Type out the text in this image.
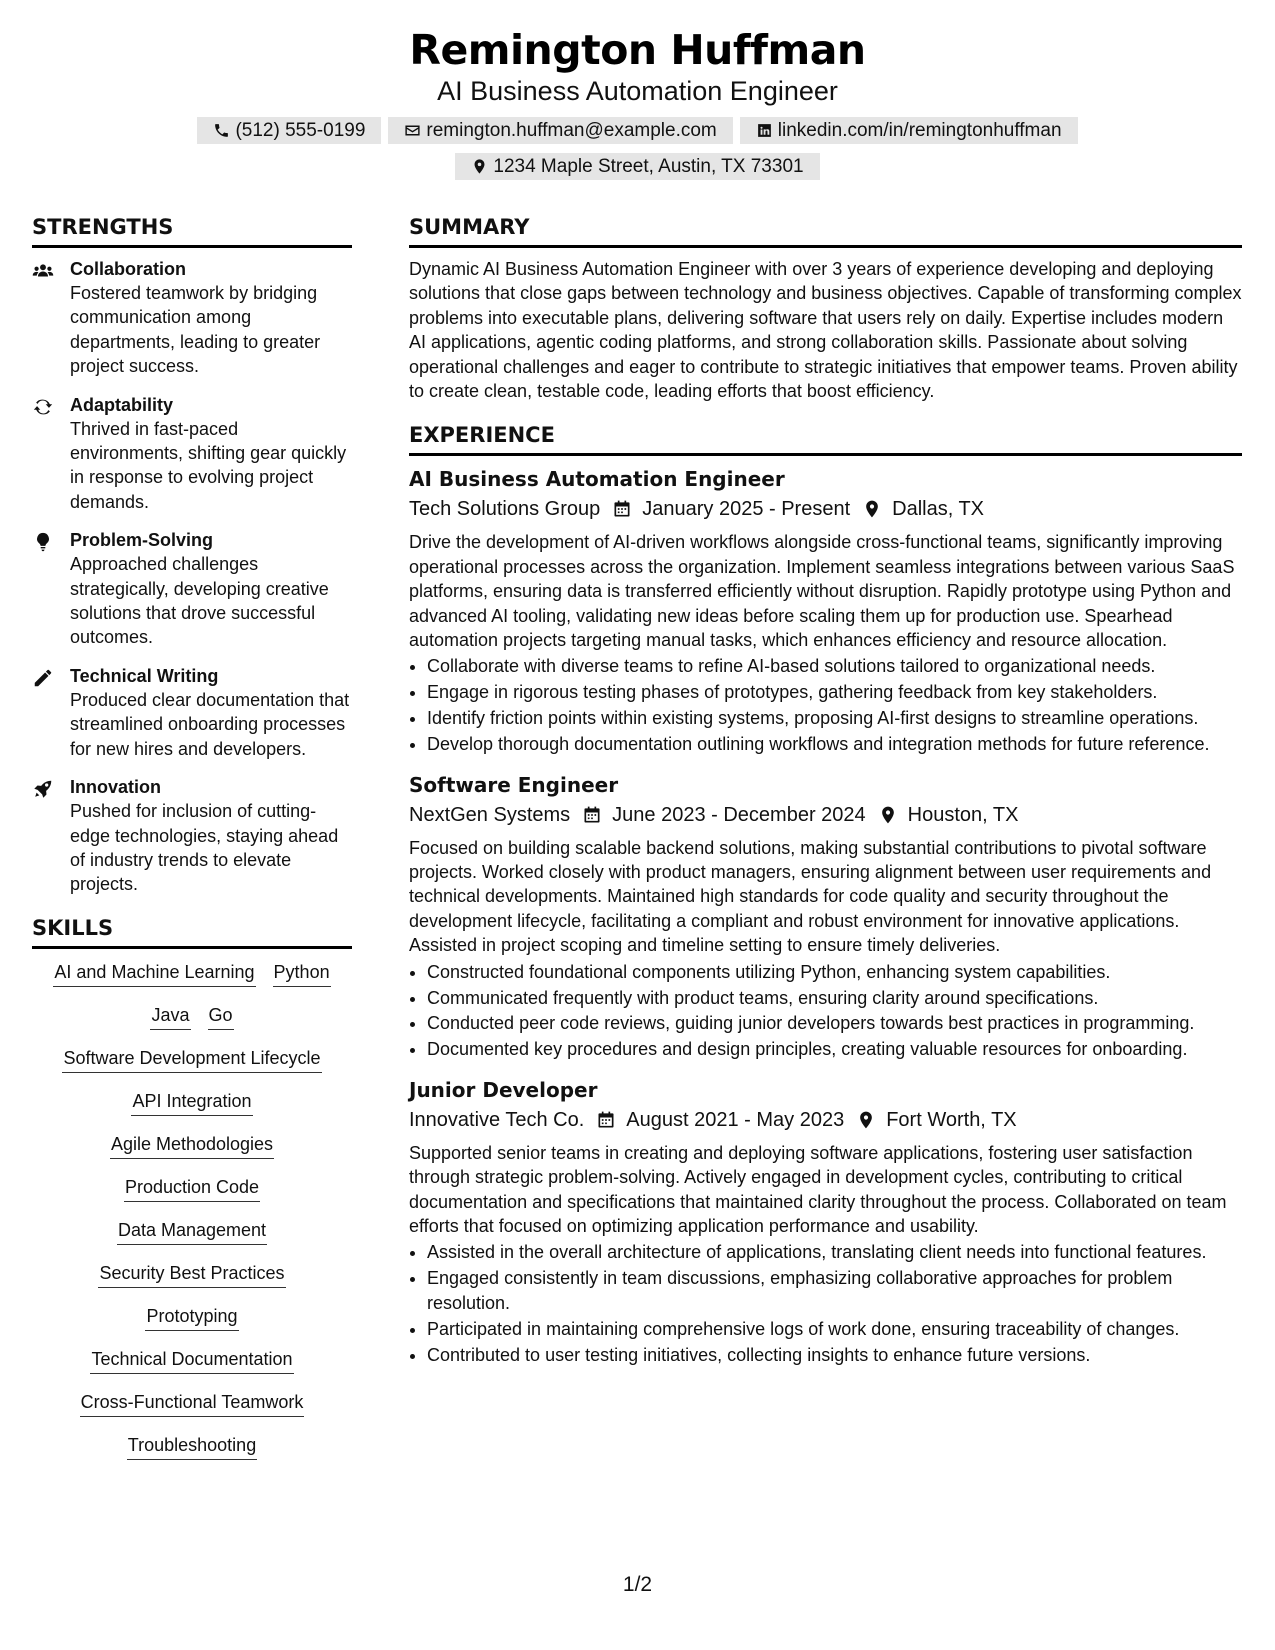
Remington Huffman
AI Business Automation Engineer
(512) 555-0199	remington.huffman@example.com	linkedin.com/in/remingtonhuffman
1234 Maple Street, Austin, TX 73301
STRENGTHS
Collaboration
Fostered teamwork by bridging communication among departments, leading to greater project success.
Adaptability
Thrived in fast-paced environments, shifting gear quickly in response to evolving project demands.
Problem-Solving
Approached challenges strategically, developing creative solutions that drove successful outcomes.
Technical Writing
Produced clear documentation that streamlined onboarding processes for new hires and developers.
Innovation
Pushed for inclusion of cutting-edge technologies, staying ahead of industry trends to elevate projects.
SKILLS
AI and Machine Learning Python
Java Go
Software Development Lifecycle
API Integration
Agile Methodologies
Production Code
Data Management
Security Best Practices
Prototyping
Technical Documentation
Cross-Functional Teamwork
Troubleshooting
SUMMARY
Dynamic AI Business Automation Engineer with over 3 years of experience developing and deploying solutions that close gaps between technology and business objectives. Capable of transforming complex problems into executable plans, delivering software that users rely on daily. Expertise includes modern AI applications, agentic coding platforms, and strong collaboration skills. Passionate about solving operational challenges and eager to contribute to strategic initiatives that empower teams. Proven ability to create clean, testable code, leading efforts that boost efficiency.
EXPERIENCE
AI Business Automation Engineer
Tech Solutions Group January 2025 - Present Dallas, TX
Drive the development of AI-driven workflows alongside cross-functional teams, significantly improving operational processes across the organization. Implement seamless integrations between various SaaS platforms, ensuring data is transferred efficiently without disruption. Rapidly prototype using Python and advanced AI tooling, validating new ideas before scaling them up for production use. Spearhead automation projects targeting manual tasks, which enhances efficiency and resource allocation.
• Collaborate with diverse teams to refine AI-based solutions tailored to organizational needs.
• Engage in rigorous testing phases of prototypes, gathering feedback from key stakeholders.
• Identify friction points within existing systems, proposing AI-first designs to streamline operations.
• Develop thorough documentation outlining workflows and integration methods for future reference.
Software Engineer
NextGen Systems June 2023 - December 2024 Houston, TX
Focused on building scalable backend solutions, making substantial contributions to pivotal software projects. Worked closely with product managers, ensuring alignment between user requirements and technical developments. Maintained high standards for code quality and security throughout the development lifecycle, facilitating a compliant and robust environment for innovative applications. Assisted in project scoping and timeline setting to ensure timely deliveries.
• Constructed foundational components utilizing Python, enhancing system capabilities.
• Communicated frequently with product teams, ensuring clarity around specifications.
• Conducted peer code reviews, guiding junior developers towards best practices in programming.
• Documented key procedures and design principles, creating valuable resources for onboarding.
Junior Developer
Innovative Tech Co. August 2021 - May 2023 Fort Worth, TX
Supported senior teams in creating and deploying software applications, fostering user satisfaction through strategic problem-solving. Actively engaged in development cycles, contributing to critical documentation and specifications that maintained clarity throughout the process. Collaborated on team efforts that focused on optimizing application performance and usability.
• Assisted in the overall architecture of applications, translating client needs into functional features.
• Engaged consistently in team discussions, emphasizing collaborative approaches for problem resolution.
• Participated in maintaining comprehensive logs of work done, ensuring traceability of changes.
• Contributed to user testing initiatives, collecting insights to enhance future versions.
1/2
